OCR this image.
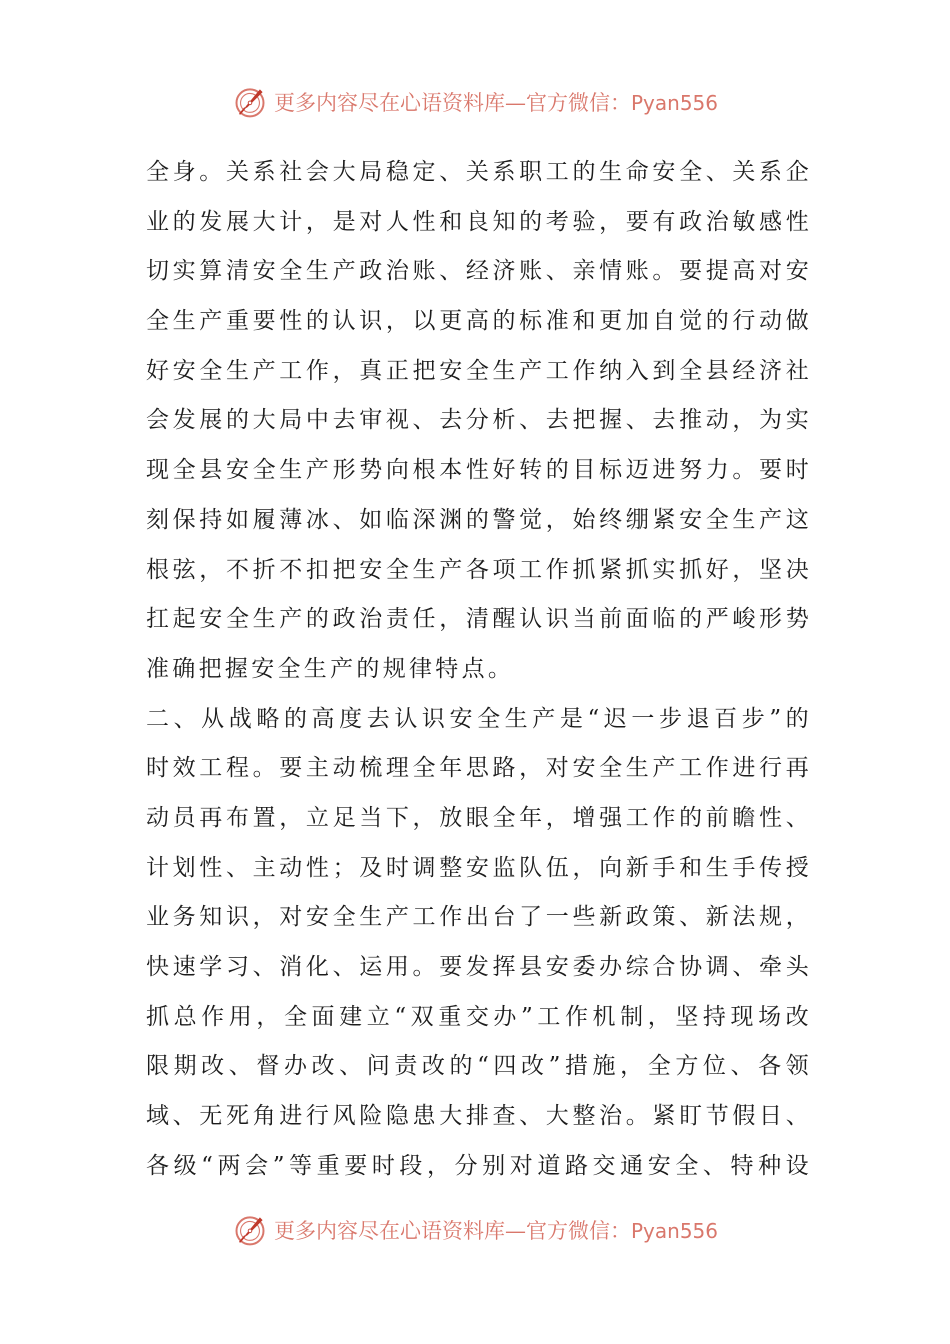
更多内容尽在心语资料库—官方微信：Pyan556
全身。关系社会大局稳定、关系职工的生命安全、关系企
业的发展大计，是对人性和良知的考验，要有政治敏感性
切实算清安全生产政治账、经济账、亲情账。要提高对安
全生产重要性的认识，以更高的标准和更加自觉的行动做
好安全生产工作，真正把安全生产工作纳入到全县经济社
会发展的大局中去审视、去分析、去把握、去推动，为实
现全县安全生产形势向根本性好转的目标迈进努力。要时
刻保持如履薄冰、如临深渊的警觉，始终绷紧安全生产这
根弦，不折不扣把安全生产各项工作抓紧抓实抓好，坚决
扛起安全生产的政治责任，清醒认识当前面临的严峻形势
准确把握安全生产的规律特点。
二、从战略的高度去认识安全生产是“迟一步退百步”的
时效工程。要主动梳理全年思路，对安全生产工作进行再
动员再布置，立足当下，放眼全年，增强工作的前瞻性、
计划性、主动性；及时调整安监队伍，向新手和生手传授
业务知识，对安全生产工作出台了一些新政策、新法规，
快速学习、消化、运用。要发挥县安委办综合协调、牵头
抓总作用，全面建立“双重交办”工作机制，坚持现场改
限期改、督办改、问责改的“四改”措施，全方位、各领
域、无死角进行风险隐患大排查、大整治。紧盯节假日、
各级“两会”等重要时段，分别对道路交通安全、特种设
更多内容尽在心语资料库—官方微信：Pyan556
